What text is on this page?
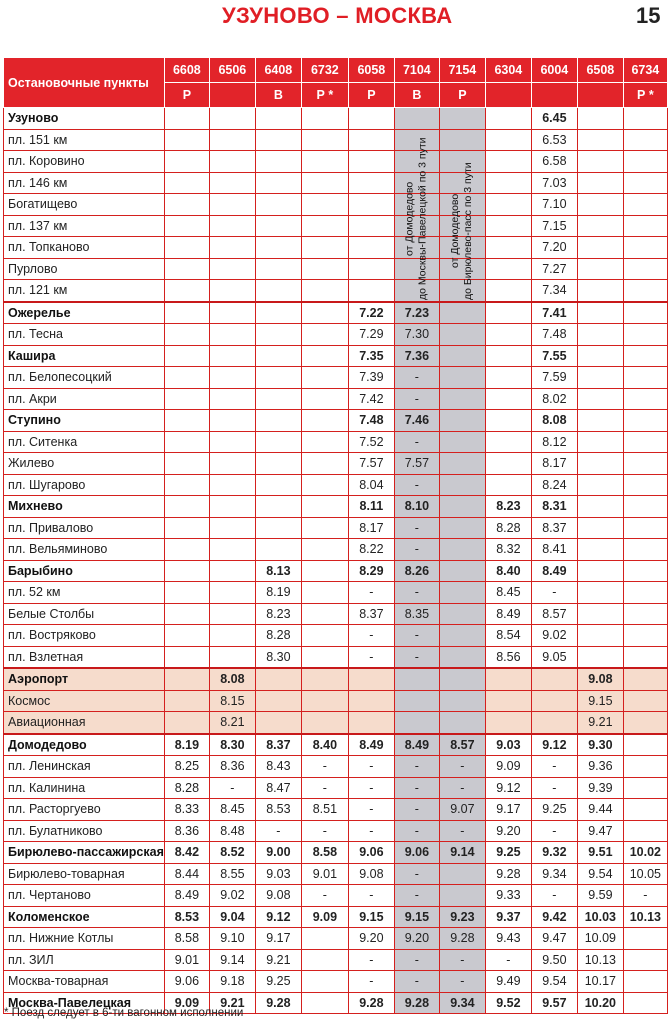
УЗУНОВО – МОСКВА	15
Остановочные пункты	6608	6506	6408	6732	6058	7104	7154	6304	6004	6508	6734
	Р		В	Р *	Р	В	Р				Р *
Узуново									6.45		
пл. 151 км									6.53		
пл. Коровино									6.58		
пл. 146 км									7.03		
Богатищево									7.10		
пл. 137 км									7.15		
пл. Топканово									7.20		
Пурлово									7.27		
пл. 121 км									7.34		
Ожерелье					7.22	7.23			7.41		
пл. Тесна					7.29	7.30			7.48		
Кашира					7.35	7.36			7.55		
пл. Белопесоцкий					7.39	-			7.59		
пл. Акри					7.42	-			8.02		
Ступино					7.48	7.46			8.08		
пл. Ситенка					7.52	-			8.12		
Жилево					7.57	7.57			8.17		
пл. Шугарово					8.04	-			8.24		
Михнево					8.11	8.10		8.23	8.31		
пл. Привалово					8.17	-		8.28	8.37		
пл. Вельяминово					8.22	-		8.32	8.41		
Барыбино			8.13		8.29	8.26		8.40	8.49		
пл. 52 км			8.19		-	-		8.45	-		
Белые Столбы			8.23		8.37	8.35		8.49	8.57		
пл. Востряково			8.28		-	-		8.54	9.02		
пл. Взлетная			8.30		-	-		8.56	9.05		
Аэропорт		8.08								9.08	
Космос		8.15								9.15	
Авиационная		8.21								9.21	
Домодедово	8.19	8.30	8.37	8.40	8.49	8.49	8.57	9.03	9.12	9.30	
пл. Ленинская	8.25	8.36	8.43	-	-	-	-	9.09	-	9.36	
пл. Калинина	8.28	-	8.47	-	-	-	-	9.12	-	9.39	
пл. Расторгуево	8.33	8.45	8.53	8.51	-	-	9.07	9.17	9.25	9.44	
пл. Булатниково	8.36	8.48	-	-	-	-	-	9.20	-	9.47	
Бирюлево-пассажирская	8.42	8.52	9.00	8.58	9.06	9.06	9.14	9.25	9.32	9.51	10.02
Бирюлево-товарная	8.44	8.55	9.03	9.01	9.08	-		9.28	9.34	9.54	10.05
пл. Чертаново	8.49	9.02	9.08	-	-	-		9.33	-	9.59	-
Коломенское	8.53	9.04	9.12	9.09	9.15	9.15	9.23	9.37	9.42	10.03	10.13
пл. Нижние Котлы	8.58	9.10	9.17		9.20	9.20	9.28	9.43	9.47	10.09	
пл. ЗИЛ	9.01	9.14	9.21		-	-	-	-	9.50	10.13	
Москва-товарная	9.06	9.18	9.25		-	-	-	9.49	9.54	10.17	
Москва-Павелецкая	9.09	9.21	9.28		9.28	9.28	9.34	9.52	9.57	10.20	
от Домодедово
до Москвы-Павелецкой по 3 пути
от Домодедово
до Бирюлево-пасс по 3 пути
* Поезд следует в 6-ти вагонном исполнении
